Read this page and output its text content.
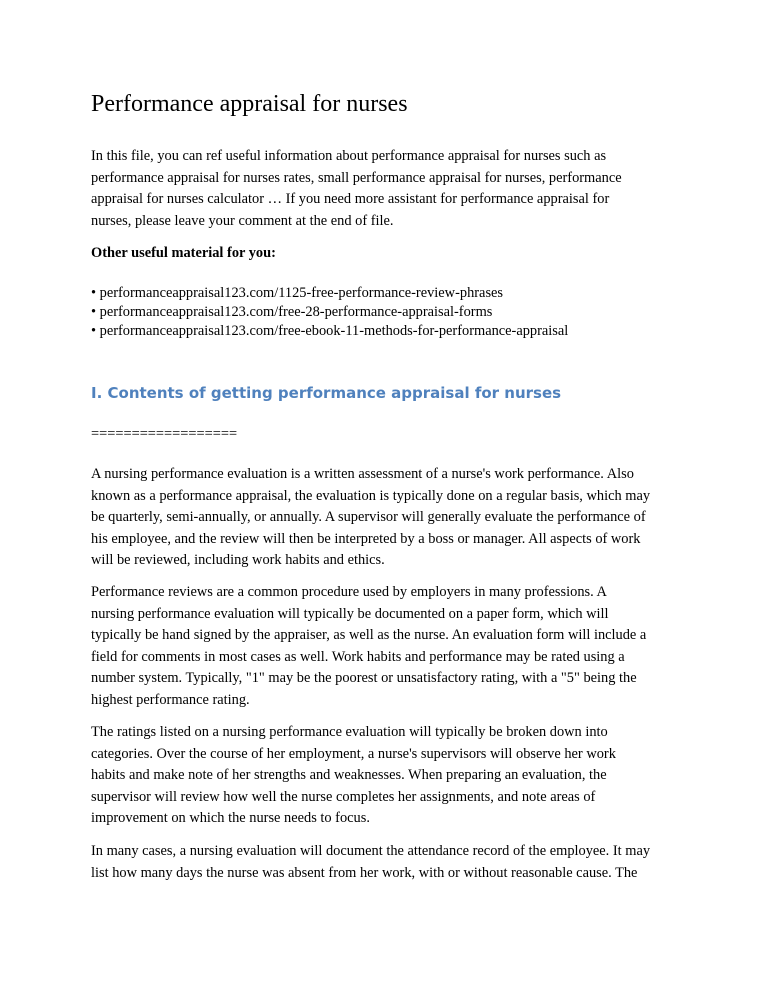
Performance appraisal for nurses

In this file, you can ref useful information about performance appraisal for nurses such as
performance appraisal for nurses rates, small performance appraisal for nurses, performance
appraisal for nurses calculator … If you need more assistant for performance appraisal for
nurses, please leave your comment at the end of file.

Other useful material for you:

• performanceappraisal123.com/1125-free-performance-review-phrases
• performanceappraisal123.com/free-28-performance-appraisal-forms
• performanceappraisal123.com/free-ebook-11-methods-for-performance-appraisal
I. Contents of getting performance appraisal for nurses

==================

A nursing performance evaluation is a written assessment of a nurse's work performance. Also
known as a performance appraisal, the evaluation is typically done on a regular basis, which may
be quarterly, semi-annually, or annually. A supervisor will generally evaluate the performance of
his employee, and the review will then be interpreted by a boss or manager. All aspects of work
will be reviewed, including work habits and ethics.

Performance reviews are a common procedure used by employers in many professions. A
nursing performance evaluation will typically be documented on a paper form, which will
typically be hand signed by the appraiser, as well as the nurse. An evaluation form will include a
field for comments in most cases as well. Work habits and performance may be rated using a
number system. Typically, "1" may be the poorest or unsatisfactory rating, with a "5" being the
highest performance rating.

The ratings listed on a nursing performance evaluation will typically be broken down into
categories. Over the course of her employment, a nurse's supervisors will observe her work
habits and make note of her strengths and weaknesses. When preparing an evaluation, the
supervisor will review how well the nurse completes her assignments, and note areas of
improvement on which the nurse needs to focus.

In many cases, a nursing evaluation will document the attendance record of the employee. It may
list how many days the nurse was absent from her work, with or without reasonable cause. The
